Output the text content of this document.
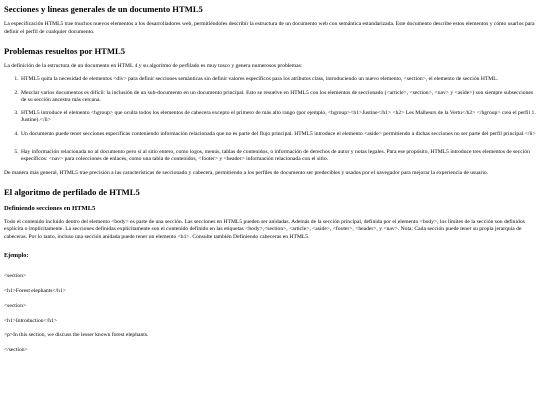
Secciones y líneas generales de un documento HTML5

La especificación HTML5 trae muchos nuevos elementos a los desarrolladores web, permitiéndoles describir la estructura de un documento web con semántica estandarizada. Este documento describe estos elementos y cómo usarlos para definir el perfil de cualquier documento.

Problemas resueltos por HTML5

La definición de la estructura de un documento en HTML 4 y su algoritmo de perfilado es muy tosco y genera numerosos problemas:

1. HTML5 quita la necesidad de elementos <div> para definir secciones semánticas sin definir valores específicos para los atributos class, introduciendo un nuevo elemento, <section>, el elemento de sección HTML.
2. Mezclar varios documentos es difícil: la inclusión de un sub-documento en un documento principal. Esto se resuelve en HTML5 con los elementos de seccionado (<article>, <section>, <nav> y <aside>) son siempre subsecciones de su sección ancestra más cercana.
3. HTML5 introduce el elemento <hgroup> que oculta todos los elementos de cabecera excepto el primero de más alto rango (por ejemplo, <hgroup><h1>Justine</h1> <h2> Les Malheurs de la Vertu</h2> </hgroup> crea el perfil 1. Justine).</li>
4. Un documento puede tener secciones específicas conteniendo información relacionada que no es parte del flujo principal. HTML5 introduce el elemento <aside> permitiendo a dichas secciones no ser parte del perfil principal.</li>
5. Hay información relacionada no al documento pero sí al sitio entero, como logos, menús, tablas de contenidos, o información de derechos de autor y notas legales. Para ese propósito, HTML5 introduce tres elementos de sección específicos: <nav> para colecciones de enlaces, como una tabla de contenidos, <footer> y <header> información relacionada con el sitio.

De manera más general, HTML5 trae precisión a las características de seccionado y cabecera, permitiendo a los perfiles de documento ser predecibles y usados por el navegador para mejorar la experiencia de usuario.

El algoritmo de perfilado de HTML5
Definiendo secciones en HTML5

Todo el contenido incluido dentro del elemento <body> es parte de una sección. Las secciones en HTML5 pueden ser anidadas. Además de la sección principal, definida por el elemento <body>, los límites de la sección son definidos explícita o implícitamente. La secciones definidas explícitamente son el contenido definido en las etiquetas <body>,<section>, <article>, <aside>, <footer>, <header>, y <nav>. Nota: Cada sección puede tener su propia jerarquía de cabeceras. Por lo tanto, incluso una sección anidada puede tener un elemento <h1>. Consulte también Definiendo cabeceras en HTML5.

Ejemplo:

<section>

<h1>Forest elephants</h1>

<section>

<h1>Introduction</h1>

<p>In this section, we discuss the lesser known forest elephants.

</section>
